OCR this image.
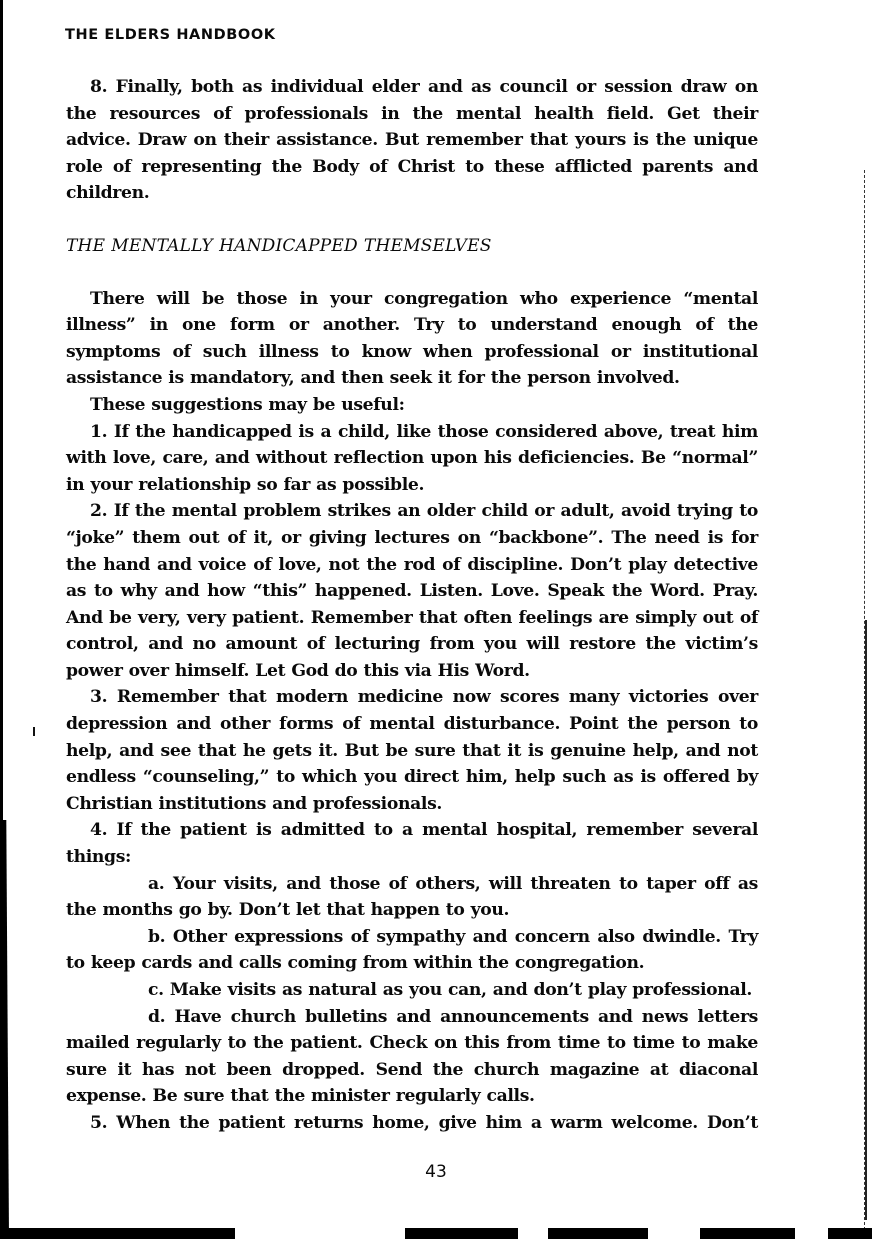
THE ELDERS HANDBOOK

8. Finally, both as individual elder and as council or session draw on the resources of professionals in the mental health field. Get their advice. Draw on their assistance. But remember that yours is the unique role of representing the Body of Christ to these afflicted parents and children.

THE MENTALLY HANDICAPPED THEMSELVES

There will be those in your congregation who experience “mental illness” in one form or another. Try to understand enough of the symptoms of such illness to know when professional or institutional assistance is mandatory, and then seek it for the person involved.

These suggestions may be useful:

1. If the handicapped is a child, like those considered above, treat him with love, care, and without reflection upon his deficiencies. Be “normal” in your relationship so far as possible.

2. If the mental problem strikes an older child or adult, avoid trying to “joke” them out of it, or giving lectures on “backbone”. The need is for the hand and voice of love, not the rod of discipline. Don’t play detective as to why and how “this” happened. Listen. Love. Speak the Word. Pray. And be very, very patient. Remember that often feelings are simply out of control, and no amount of lecturing from you will restore the victim’s power over himself. Let God do this via His Word.

3. Remember that modern medicine now scores many victories over depression and other forms of mental disturbance. Point the person to help, and see that he gets it. But be sure that it is genuine help, and not endless “counseling,” to which you direct him, help such as is offered by Christian institutions and professionals.

4. If the patient is admitted to a mental hospital, remember several things:

a. Your visits, and those of others, will threaten to taper off as the months go by. Don’t let that happen to you.

b. Other expressions of sympathy and concern also dwindle. Try to keep cards and calls coming from within the congregation.

c. Make visits as natural as you can, and don’t play professional.

d. Have church bulletins and announcements and news letters mailed regularly to the patient. Check on this from time to time to make sure it has not been dropped. Send the church magazine at diaconal expense. Be sure that the minister regularly calls.

5. When the patient returns home, give him a warm welcome. Don’t

43
